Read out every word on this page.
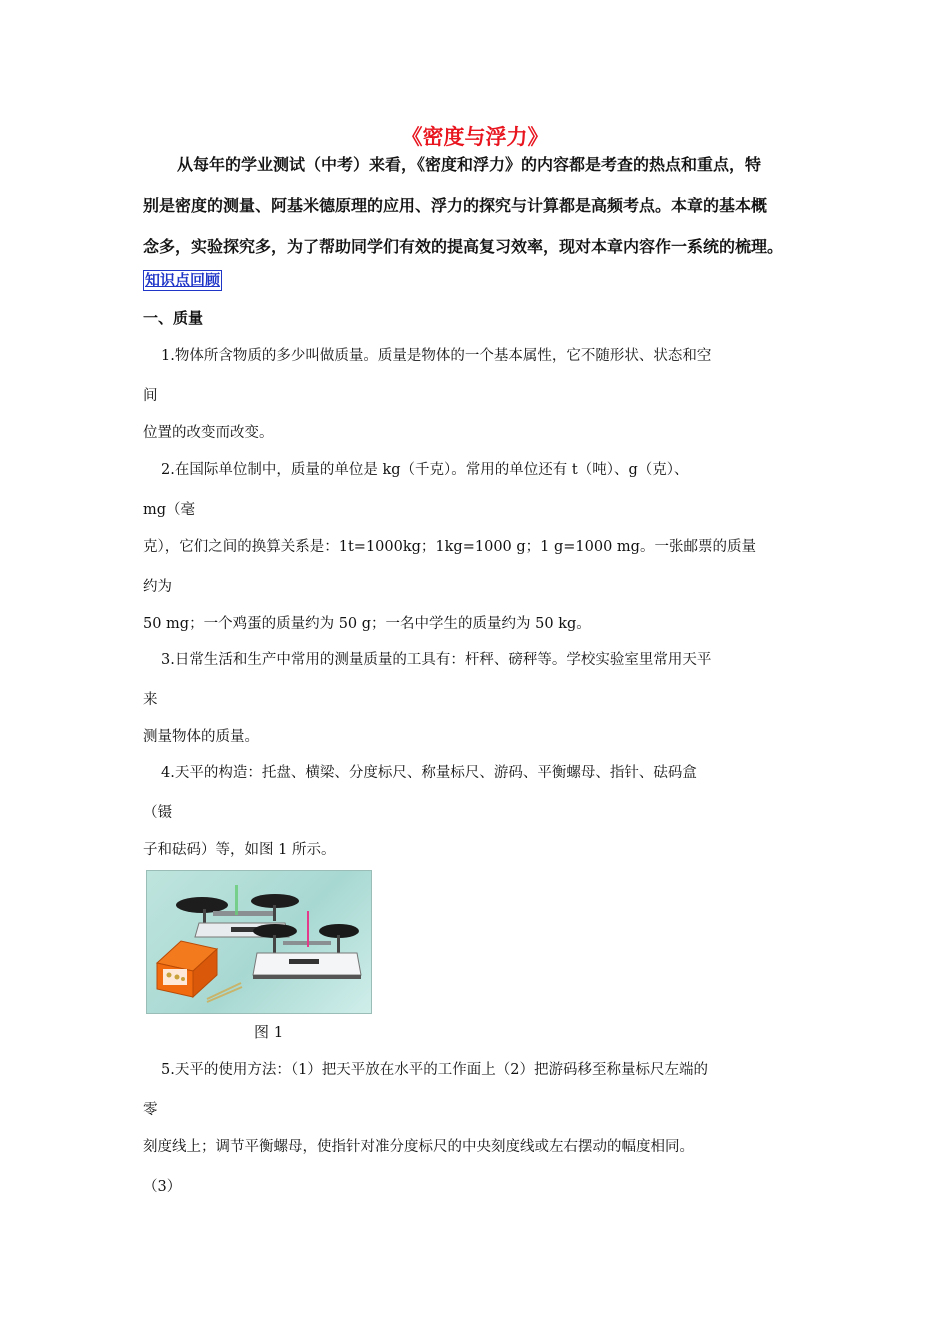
《密度与浮力》
从每年的学业测试（中考）来看，《密度和浮力》的内容都是考查的热点和重点，特
别是密度的测量、阿基米德原理的应用、浮力的探究与计算都是高频考点。本章的基本概
念多，实验探究多，为了帮助同学们有效的提高复习效率，现对本章内容作一系统的梳理。
知识点回顾
一、质量
1.物体所含物质的多少叫做质量。质量是物体的一个基本属性，它不随形状、状态和空
间
位置的改变而改变。
2.在国际单位制中，质量的单位是 kg（千克）。常用的单位还有 t（吨）、g（克）、
mg（毫
克），它们之间的换算关系是：1t=1000kg；1kg=1000 g；1 g=1000 mg。一张邮票的质量
约为
50 mg；一个鸡蛋的质量约为 50 g；一名中学生的质量约为 50 kg。
3.日常生活和生产中常用的测量质量的工具有：杆秤、磅秤等。学校实验室里常用天平
来
测量物体的质量。
4.天平的构造：托盘、横梁、分度标尺、称量标尺、游码、平衡螺母、指针、砝码盒
（镊
子和砝码）等，如图 1 所示。
图 1
5.天平的使用方法：（1）把天平放在水平的工作面上（2）把游码移至称量标尺左端的
零
刻度线上；调节平衡螺母，使指针对准分度标尺的中央刻度线或左右摆动的幅度相同。
（3）
